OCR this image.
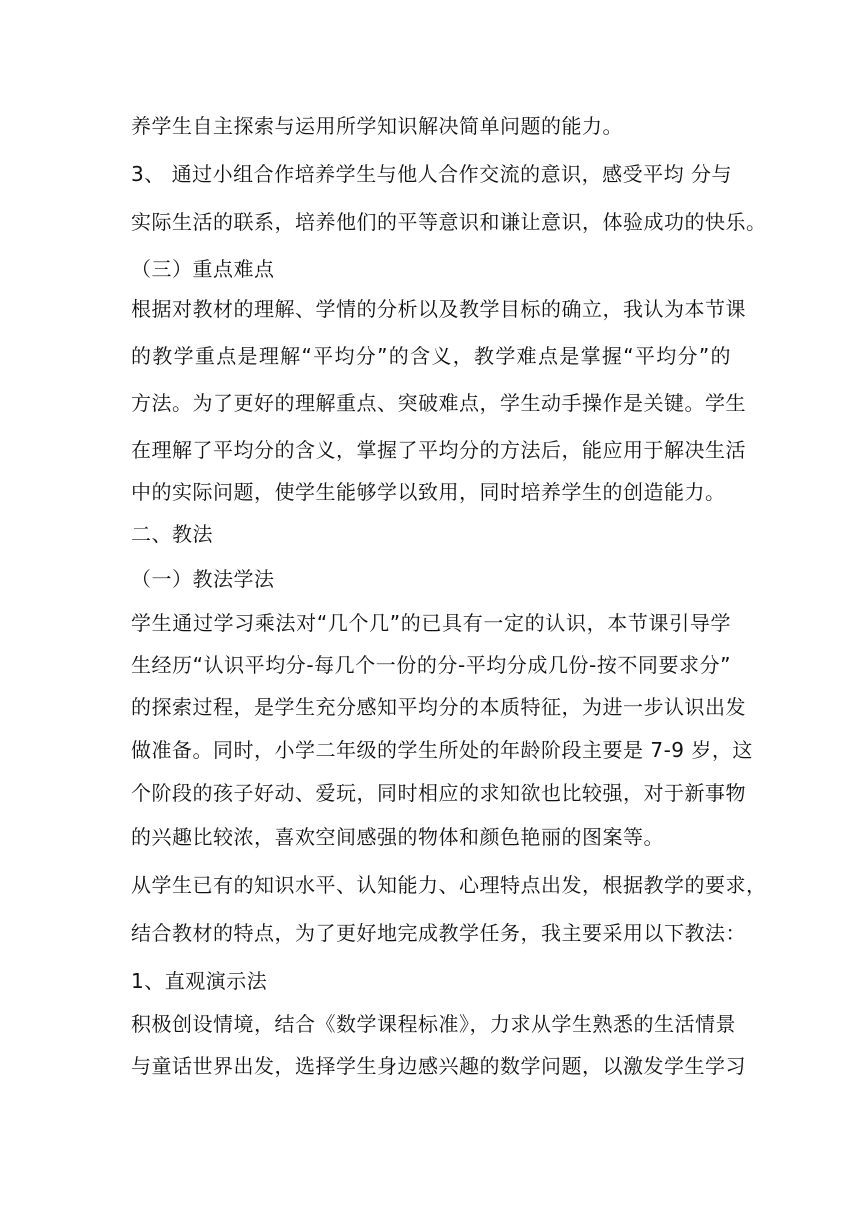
养学生自主探索与运用所学知识解决简单问题的能力。
3、 通过小组合作培养学生与他人合作交流的意识，感受平均 分与
实际生活的联系，培养他们的平等意识和谦让意识，体验成功的快乐。
（三）重点难点
根据对教材的理解、学情的分析以及教学目标的确立，我认为本节课
的教学重点是理解“平均分”的含义，教学难点是掌握“平均分”的
方法。为了更好的理解重点、突破难点，学生动手操作是关键。学生
在理解了平均分的含义，掌握了平均分的方法后，能应用于解决生活
中的实际问题，使学生能够学以致用，同时培养学生的创造能力。
二、教法
（一）教法学法
学生通过学习乘法对“几个几”的已具有一定的认识，本节课引导学
生经历“认识平均分-每几个一份的分-平均分成几份-按不同要求分”
的探索过程，是学生充分感知平均分的本质特征，为进一步认识出发
做准备。同时，小学二年级的学生所处的年龄阶段主要是 7-9 岁，这
个阶段的孩子好动、爱玩，同时相应的求知欲也比较强，对于新事物
的兴趣比较浓，喜欢空间感强的物体和颜色艳丽的图案等。
从学生已有的知识水平、认知能力、心理特点出发，根据教学的要求，
结合教材的特点，为了更好地完成教学任务，我主要采用以下教法：
1、直观演示法
积极创设情境，结合《数学课程标准》，力求从学生熟悉的生活情景
与童话世界出发，选择学生身边感兴趣的数学问题，以激发学生学习
